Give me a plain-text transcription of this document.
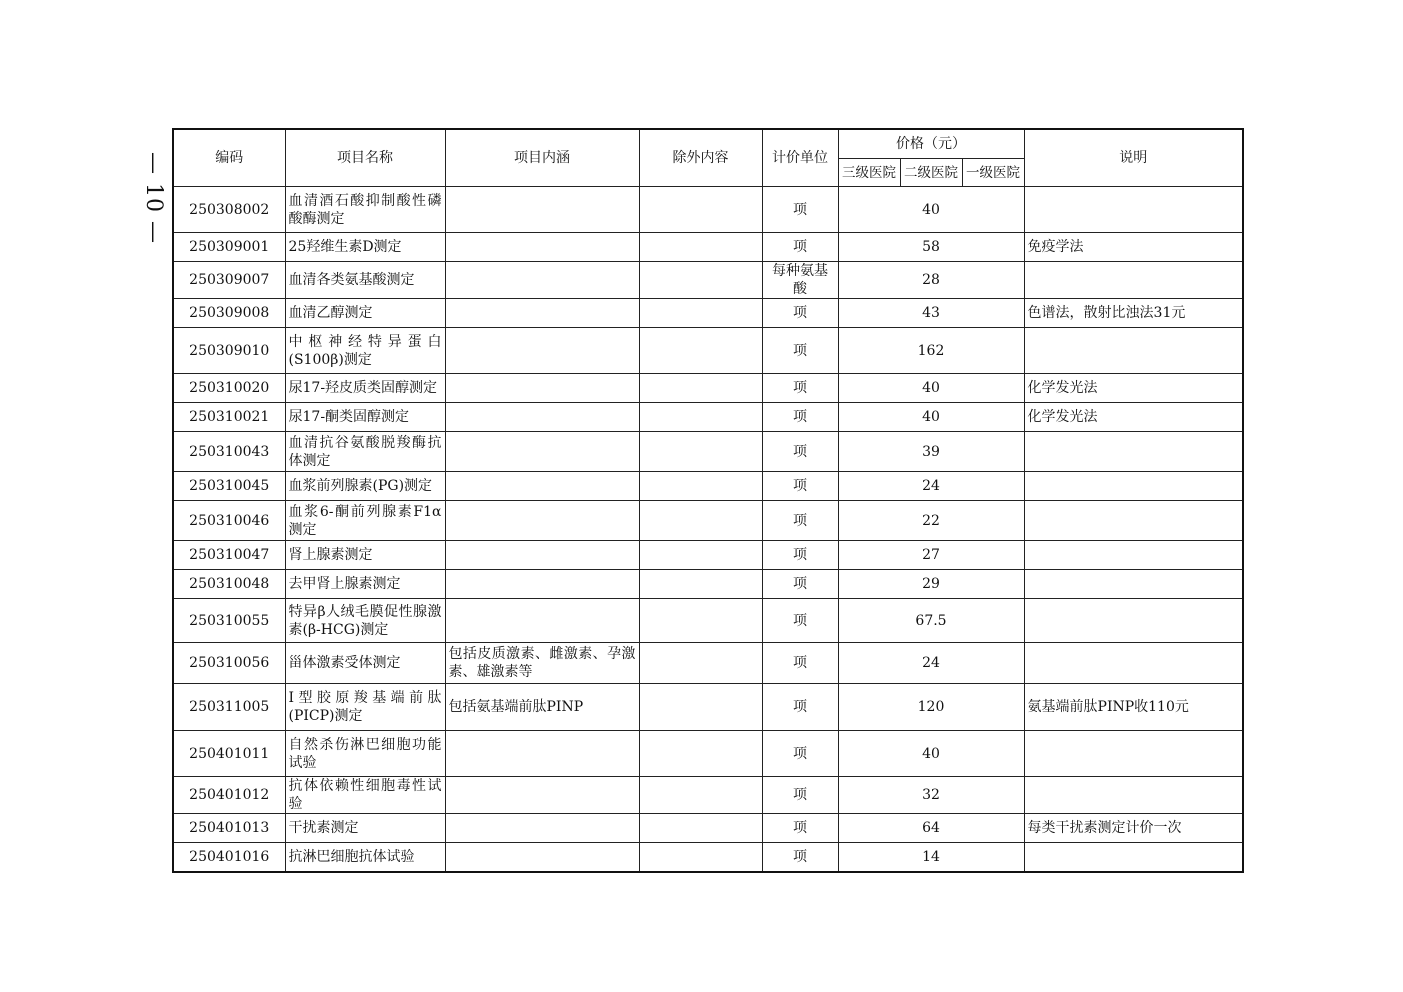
— 10 —	编码	项目名称	项目内涵	除外内容	计价单位	价格（元）			说明
					三级医院	二级医院	一级医院	
250308002	血清酒石酸抑制酸性磷酸酶测定			项	40			
250309001	25羟维生素D测定			项	58			免疫学法
250309007	血清各类氨基酸测定			每种氨基酸	28			
250309008	血清乙醇测定			项	43			色谱法，散射比浊法31元
250309010	中枢神经特异蛋白(S100β)测定			项	162			
250310020	尿17-羟皮质类固醇测定			项	40			化学发光法
250310021	尿17-酮类固醇测定			项	40			化学发光法
250310043	血清抗谷氨酸脱羧酶抗体测定			项	39			
250310045	血浆前列腺素(PG)测定			项	24			
250310046	血浆6-酮前列腺素F1α测定			项	22			
250310047	肾上腺素测定			项	27			
250310048	去甲肾上腺素测定			项	29			
250310055	特异β人绒毛膜促性腺激素(β-HCG)测定			项	67.5			
250310056	甾体激素受体测定	包括皮质激素、雌激素、孕激素、雄激素等		项	24			
250311005	Ⅰ型胶原羧基端前肽(PICP)测定	包括氨基端前肽PINP		项	120			氨基端前肽PINP收110元
250401011	自然杀伤淋巴细胞功能试验			项	40			
250401012	抗体依赖性细胞毒性试验			项	32			
250401013	干扰素测定			项	64			每类干扰素测定计价一次
250401016	抗淋巴细胞抗体试验			项	14			
